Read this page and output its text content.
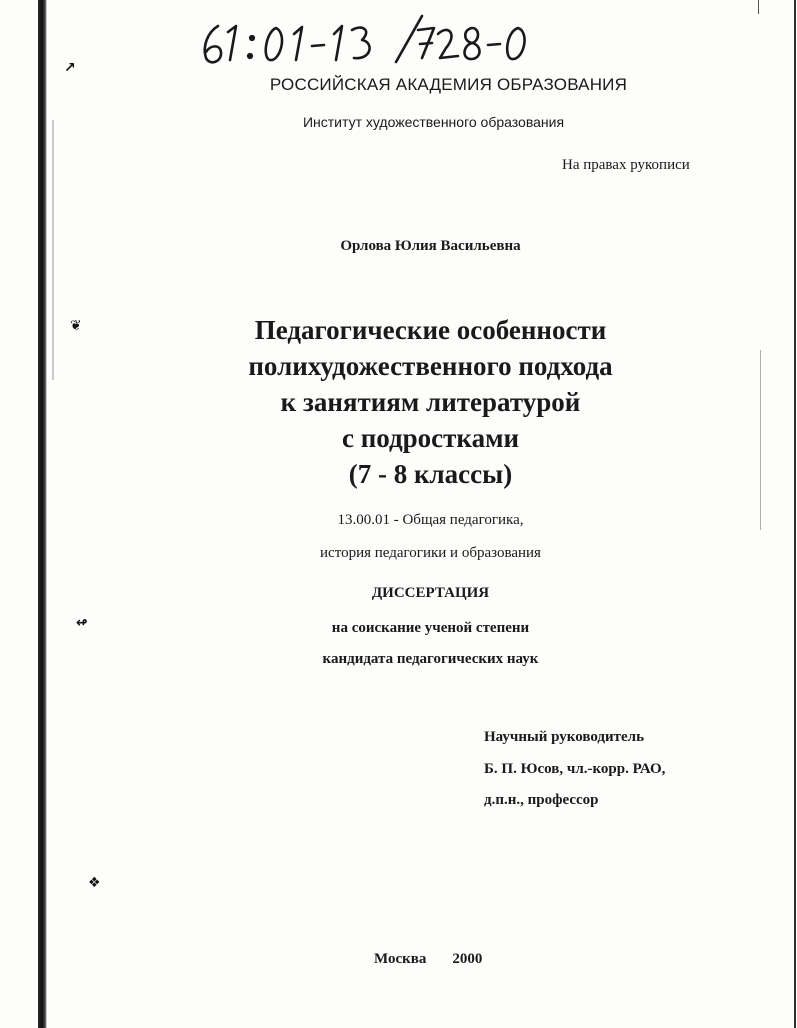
↗
❦
↫
❖
РОССИЙСКАЯ АКАДЕМИЯ ОБРАЗОВАНИЯ
Институт художественного образования
На правах рукописи
Орлова Юлия Васильевна
Педагогические особенности
полихудожественного подхода
к занятиям литературой
с подростками
(7 - 8 классы)
13.00.01 - Общая педагогика,
история педагогики и образования
ДИССЕРТАЦИЯ
на соискание ученой степени
кандидата педагогических наук
Научный руководитель
Б. П. Юсов, чл.-корр. РАО,
д.п.н., профессор
Москва 2000
